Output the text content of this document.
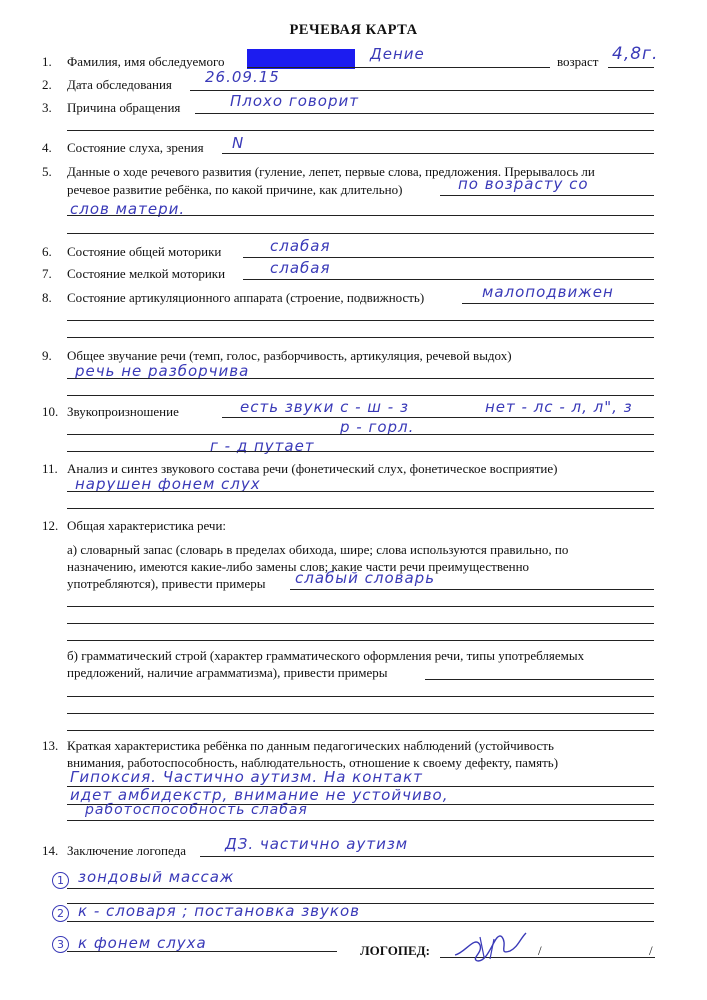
РЕЧЕВАЯ КАРТА
1. Фамилия, имя обследуемого	Дение	возраст 4,8г.
2. Дата обследования 26.09.15
3. Причина обращения	Плохо говорит
4. Состояние слуха, зрения N
5. Данные о ходе речевого развития (гуление, лепет, первые слова, предложения. Прерывалось ли
речевое развитие ребёнка, по какой причине, как длительно)	по возрасту со
слов матери.
6. Состояние общей моторики	слабая
7. Состояние мелкой моторики	слабая
8. Состояние артикуляционного аппарата (строение, подвижность)	малоподвижен
9. Общее звучание речи (темп, голос, разборчивость, артикуляция, речевой выдох)
речь не разборчива
10. Звукопроизношение	есть звуки с - ш - з	нет - лс - л, л", з
р - горл.
г - д путает
11. Анализ и синтез звукового состава речи (фонетический слух, фонетическое восприятие)
нарушен фонем слух
12. Общая характеристика речи:
а) словарный запас (словарь в пределах обихода, шире; слова используются правильно, по
назначению, имеются какие-либо замены слов; какие части речи преимущественно
употребляются), привести примеры слабый словарь
б) грамматический строй (характер грамматического оформления речи, типы употребляемых
предложений, наличие аграмматизма), привести примеры
13. Краткая характеристика ребёнка по данным педагогических наблюдений (устойчивость
внимания, работоспособность, наблюдательность, отношение к своему дефекту, память)
Гипоксия. Частично аутизм. На контакт
идет амбидекстр, внимание не устойчиво,
работоспособность слабая
14. Заключение логопеда	ДЗ. частично аутизм
1 зондовый массаж
2 к - словаря ; постановка звуков
3 к фонем слуха	ЛОГОПЕД:	/	/
